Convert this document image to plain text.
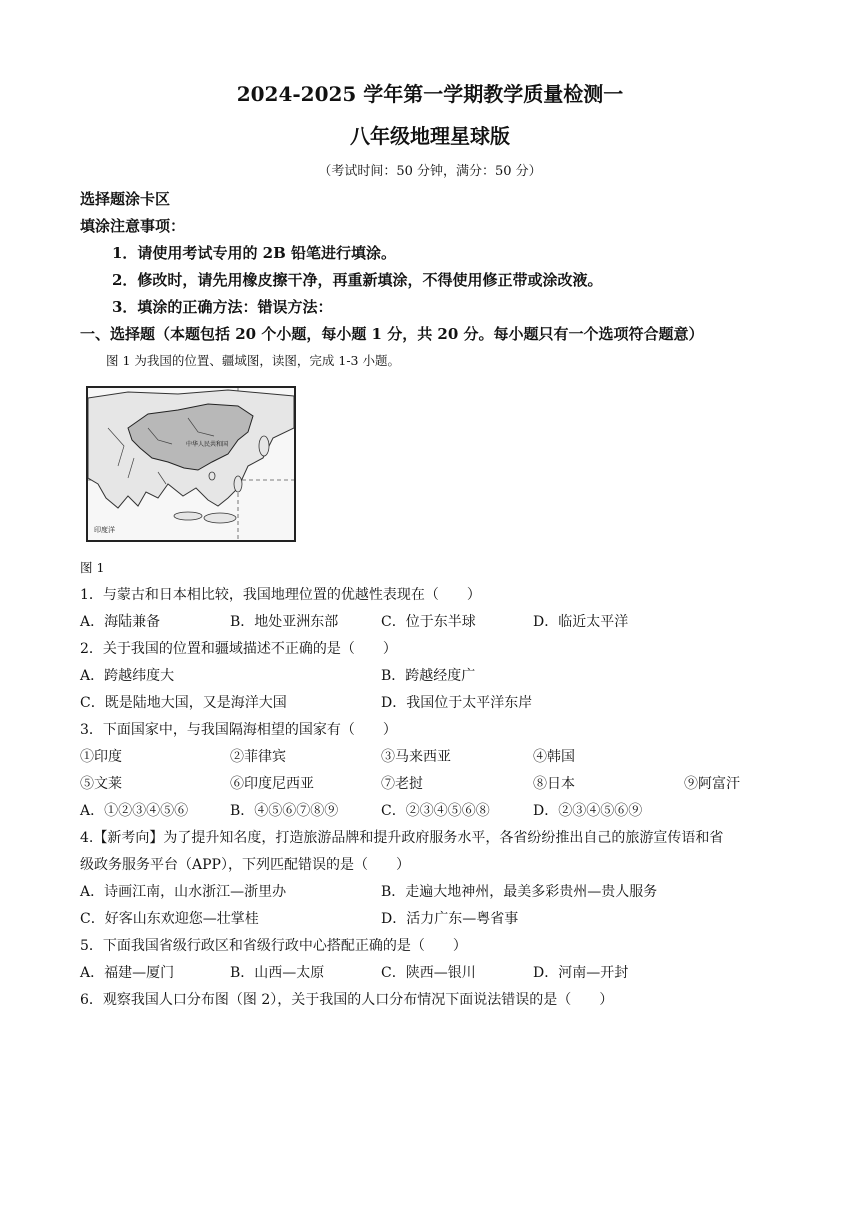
2024-2025 学年第一学期教学质量检测一
八年级地理星球版
（考试时间：50 分钟，满分：50 分）
选择题涂卡区
填涂注意事项：
1．请使用考试专用的 2B 铅笔进行填涂。
2．修改时，请先用橡皮擦干净，再重新填涂，不得使用修正带或涂改液。
3．填涂的正确方法：错误方法：
一、选择题（本题包括 20 个小题，每小题 1 分，共 20 分。每小题只有一个选项符合题意）
图 1 为我国的位置、疆域图，读图，完成 1-3 小题。
中华人民共和国
印度洋
图 1
1．与蒙古和日本相比较，我国地理位置的优越性表现在（　　）
A．海陆兼备	B．地处亚洲东部	C．位于东半球	D．临近太平洋
2．关于我国的位置和疆域描述不正确的是（　　）
A．跨越纬度大	B．跨越经度广
C．既是陆地大国，又是海洋大国	D．我国位于太平洋东岸
3．下面国家中，与我国隔海相望的国家有（　　）
①印度	②菲律宾	③马来西亚	④韩国
⑤文莱	⑥印度尼西亚	⑦老挝	⑧日本	⑨阿富汗
A．①②③④⑤⑥	B．④⑤⑥⑦⑧⑨	C．②③④⑤⑥⑧	D．②③④⑤⑥⑨
4.【新考向】为了提升知名度，打造旅游品牌和提升政府服务水平，各省纷纷推出自己的旅游宣传语和省
级政务服务平台（APP），下列匹配错误的是（　　）
A．诗画江南，山水浙江—浙里办	B．走遍大地神州，最美多彩贵州—贵人服务
C．好客山东欢迎您—壮掌桂	D．活力广东—粤省事
5．下面我国省级行政区和省级行政中心搭配正确的是（　　）
A．福建—厦门	B．山西—太原	C．陕西—银川	D．河南—开封
6．观察我国人口分布图（图 2），关于我国的人口分布情况下面说法错误的是（　　）
